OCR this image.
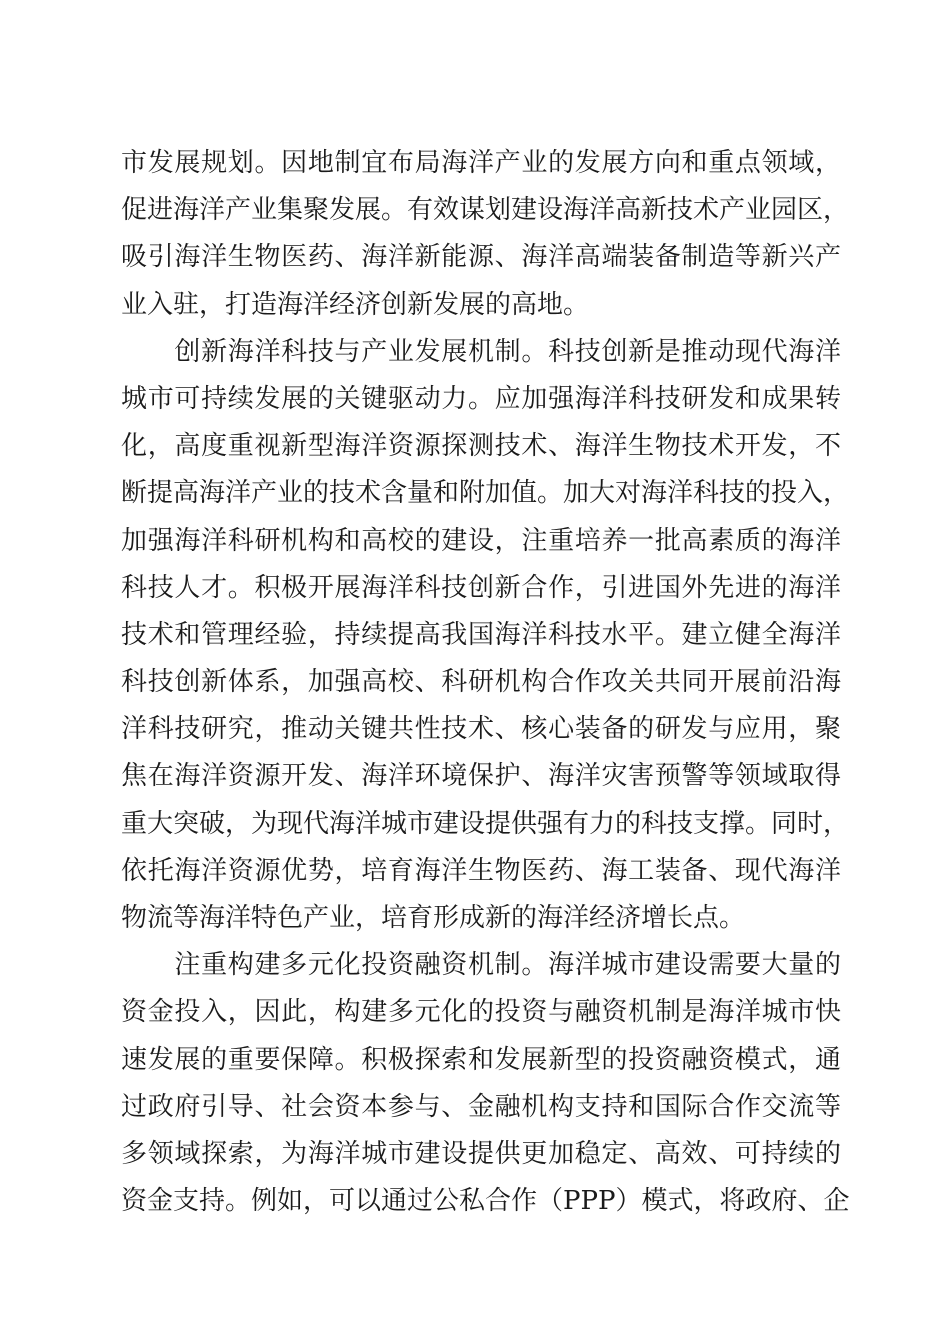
市发展规划。因地制宜布局海洋产业的发展方向和重点领域，
促进海洋产业集聚发展。有效谋划建设海洋高新技术产业园区，
吸引海洋生物医药、海洋新能源、海洋高端装备制造等新兴产
业入驻，打造海洋经济创新发展的高地。
　　创新海洋科技与产业发展机制。科技创新是推动现代海洋
城市可持续发展的关键驱动力。应加强海洋科技研发和成果转
化，高度重视新型海洋资源探测技术、海洋生物技术开发，不
断提高海洋产业的技术含量和附加值。加大对海洋科技的投入，
加强海洋科研机构和高校的建设，注重培养一批高素质的海洋
科技人才。积极开展海洋科技创新合作，引进国外先进的海洋
技术和管理经验，持续提高我国海洋科技水平。建立健全海洋
科技创新体系，加强高校、科研机构合作攻关共同开展前沿海
洋科技研究，推动关键共性技术、核心装备的研发与应用，聚
焦在海洋资源开发、海洋环境保护、海洋灾害预警等领域取得
重大突破，为现代海洋城市建设提供强有力的科技支撑。同时，
依托海洋资源优势，培育海洋生物医药、海工装备、现代海洋
物流等海洋特色产业，培育形成新的海洋经济增长点。
　　注重构建多元化投资融资机制。海洋城市建设需要大量的
资金投入，因此，构建多元化的投资与融资机制是海洋城市快
速发展的重要保障。积极探索和发展新型的投资融资模式，通
过政府引导、社会资本参与、金融机构支持和国际合作交流等
多领域探索，为海洋城市建设提供更加稳定、高效、可持续的
资金支持。例如，可以通过公私合作（PPP）模式，将政府、企
